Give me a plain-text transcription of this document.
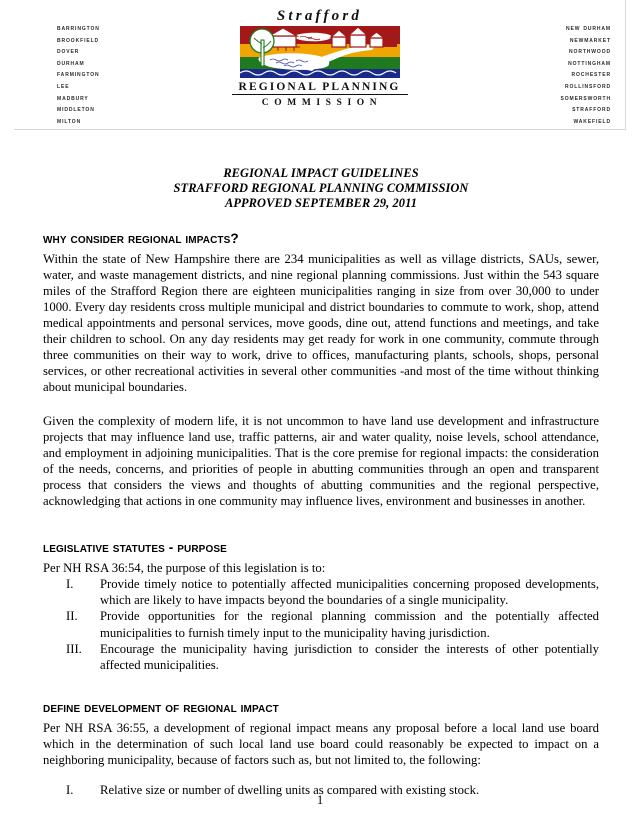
barrington
brookfield
dover
durham
farmington
lee
madbury
middleton
milton
new durham
newmarket
northwood
nottingham
rochester
rollinsford
somersworth
strafford
wakefield
Strafford
REGIONAL PLANNING
COMMISSION
REGIONAL IMPACT GUIDELINES
STRAFFORD REGIONAL PLANNING COMMISSION
APPROVED SEPTEMBER 29, 2011
why consider regional impacts?

Within the state of New Hampshire there are 234 municipalities as well as village districts, SAUs, sewer, water, and waste management districts, and nine regional planning commissions. Just within the 543 square miles of the Strafford Region there are eighteen municipalities ranging in size from over 30,000 to under 1000. Every day residents cross multiple municipal and district boundaries to commute to work, shop, attend medical appointments and personal services, move goods, dine out, attend functions and meetings, and take their children to school. On any day residents may get ready for work in one community, commute through three communities on their way to work, drive to offices, manufacturing plants, schools, shops, personal services, or other recreational activities in several other communities -and most of the time without thinking about municipal boundaries.

Given the complexity of modern life, it is not uncommon to have land use development and infrastructure projects that may influence land use, traffic patterns, air and water quality, noise levels, school attendance, and employment in adjoining municipalities. That is the core premise for regional impacts: the consideration of the needs, concerns, and priorities of people in abutting communities through an open and transparent process that considers the views and thoughts of abutting communities and the regional perspective, acknowledging that actions in one community may influence lives, environment and businesses in another.

legislative statutes - purpose

Per NH RSA 36:54, the purpose of this legislation is to:

I. Provide timely notice to potentially affected municipalities concerning proposed developments, which are likely to have impacts beyond the boundaries of a single municipality.
II. Provide opportunities for the regional planning commission and the potentially affected municipalities to furnish timely input to the municipality having jurisdiction.
III. Encourage the municipality having jurisdiction to consider the interests of other potentially affected municipalities.
define development of regional impact

Per NH RSA 36:55, a development of regional impact means any proposal before a local land use board which in the determination of such local land use board could reasonably be expected to impact on a neighboring municipality, because of factors such as, but not limited to, the following:

I. Relative size or number of dwelling units as compared with existing stock.
1
